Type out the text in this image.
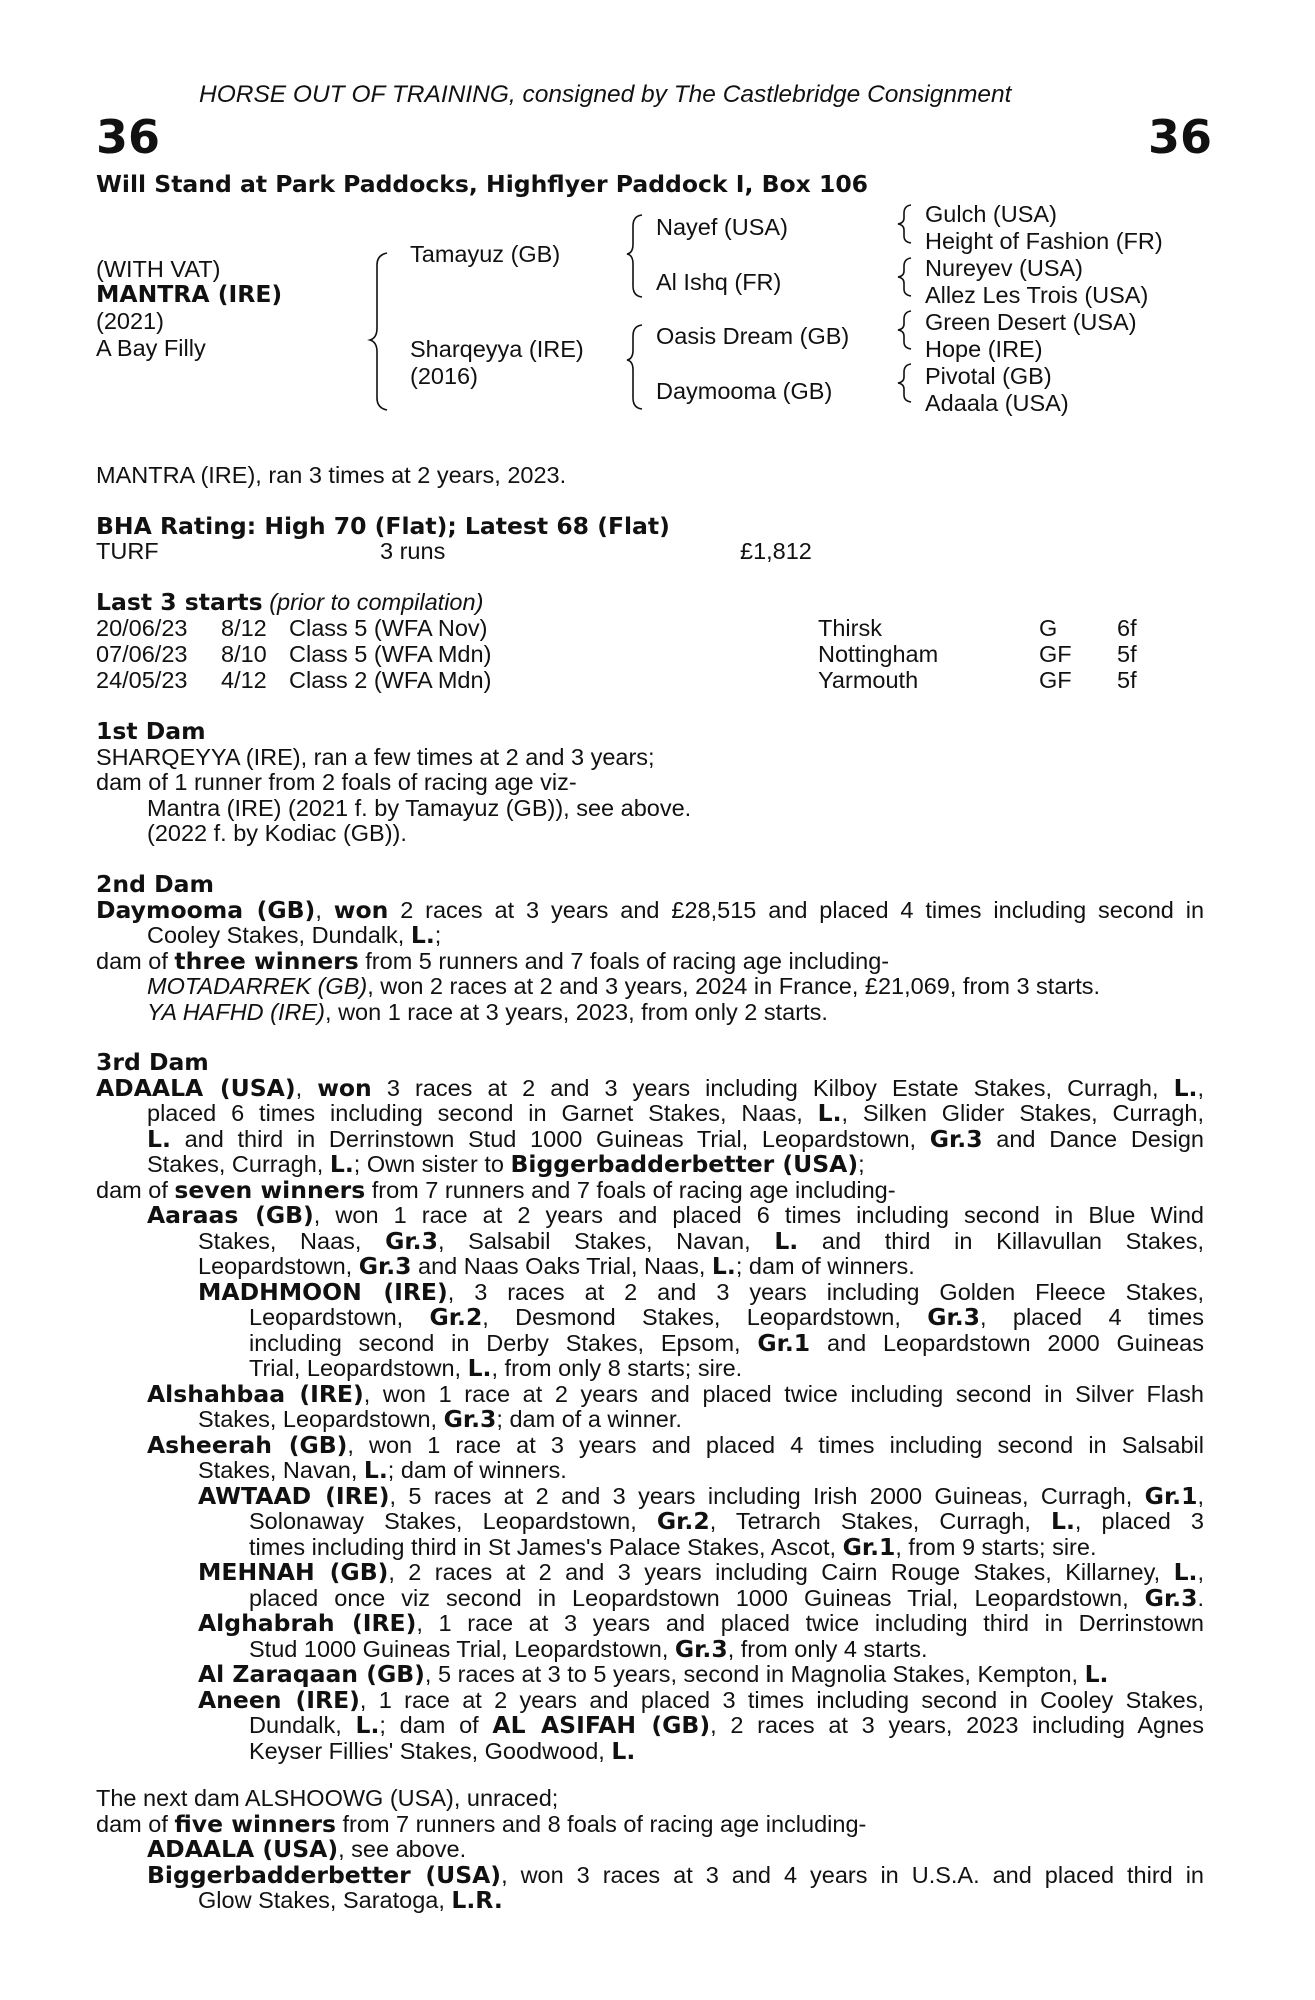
HORSE OUT OF TRAINING, consigned by The Castlebridge Consignment
36	36
Will Stand at Park Paddocks, Highflyer Paddock I, Box 106
(WITH VAT)
MANTRA (IRE)
(2021)
A Bay Filly
Tamayuz (GB)
Sharqeyya (IRE)
(2016)
Nayef (USA)
Al Ishq (FR)
Oasis Dream (GB)
Daymooma (GB)
Gulch (USA)
Height of Fashion (FR)
Nureyev (USA)
Allez Les Trois (USA)
Green Desert (USA)
Hope (IRE)
Pivotal (GB)
Adaala (USA)
MANTRA (IRE), ran 3 times at 2 years, 2023.
BHA Rating: High 70 (Flat); Latest 68 (Flat)
TURF	3 runs	£1,812
Last 3 starts (prior to compilation)
20/06/23 8/12 Class 5 (WFA Nov)	Thirsk	G	6f
07/06/23 8/10 Class 5 (WFA Mdn)	Nottingham	GF 5f
24/05/23 4/12 Class 2 (WFA Mdn)	Yarmouth	GF 5f
1st Dam
SHARQEYYA (IRE), ran a few times at 2 and 3 years;
dam of 1 runner from 2 foals of racing age viz-
Mantra (IRE) (2021 f. by Tamayuz (GB)), see above.
(2022 f. by Kodiac (GB)).
2nd Dam
Daymooma (GB), won 2 races at 3 years and £28,515 and placed 4 times including second in
Cooley Stakes, Dundalk, L.;
dam of three winners from 5 runners and 7 foals of racing age including-
MOTADARREK (GB), won 2 races at 2 and 3 years, 2024 in France, £21,069, from 3 starts.
YA HAFHD (IRE), won 1 race at 3 years, 2023, from only 2 starts.
3rd Dam
ADAALA (USA), won 3 races at 2 and 3 years including Kilboy Estate Stakes, Curragh, L.,
placed 6 times including second in Garnet Stakes, Naas, L., Silken Glider Stakes, Curragh,
L. and third in Derrinstown Stud 1000 Guineas Trial, Leopardstown, Gr.3 and Dance Design
Stakes, Curragh, L.; Own sister to Biggerbadderbetter (USA);
dam of seven winners from 7 runners and 7 foals of racing age including-
Aaraas (GB), won 1 race at 2 years and placed 6 times including second in Blue Wind
Stakes, Naas, Gr.3, Salsabil Stakes, Navan, L. and third in Killavullan Stakes,
Leopardstown, Gr.3 and Naas Oaks Trial, Naas, L.; dam of winners.
MADHMOON (IRE), 3 races at 2 and 3 years including Golden Fleece Stakes,
Leopardstown, Gr.2, Desmond Stakes, Leopardstown, Gr.3, placed 4 times
including second in Derby Stakes, Epsom, Gr.1 and Leopardstown 2000 Guineas
Trial, Leopardstown, L., from only 8 starts; sire.
Alshahbaa (IRE), won 1 race at 2 years and placed twice including second in Silver Flash
Stakes, Leopardstown, Gr.3; dam of a winner.
Asheerah (GB), won 1 race at 3 years and placed 4 times including second in Salsabil
Stakes, Navan, L.; dam of winners.
AWTAAD (IRE), 5 races at 2 and 3 years including Irish 2000 Guineas, Curragh, Gr.1,
Solonaway Stakes, Leopardstown, Gr.2, Tetrarch Stakes, Curragh, L., placed 3
times including third in St James's Palace Stakes, Ascot, Gr.1, from 9 starts; sire.
MEHNAH (GB), 2 races at 2 and 3 years including Cairn Rouge Stakes, Killarney, L.,
placed once viz second in Leopardstown 1000 Guineas Trial, Leopardstown, Gr.3.
Alghabrah (IRE), 1 race at 3 years and placed twice including third in Derrinstown
Stud 1000 Guineas Trial, Leopardstown, Gr.3, from only 4 starts.
Al Zaraqaan (GB), 5 races at 3 to 5 years, second in Magnolia Stakes, Kempton, L.
Aneen (IRE), 1 race at 2 years and placed 3 times including second in Cooley Stakes,
Dundalk, L.; dam of AL ASIFAH (GB), 2 races at 3 years, 2023 including Agnes
Keyser Fillies' Stakes, Goodwood, L.
The next dam ALSHOOWG (USA), unraced;
dam of five winners from 7 runners and 8 foals of racing age including-
ADAALA (USA), see above.
Biggerbadderbetter (USA), won 3 races at 3 and 4 years in U.S.A. and placed third in
Glow Stakes, Saratoga, L.R.
